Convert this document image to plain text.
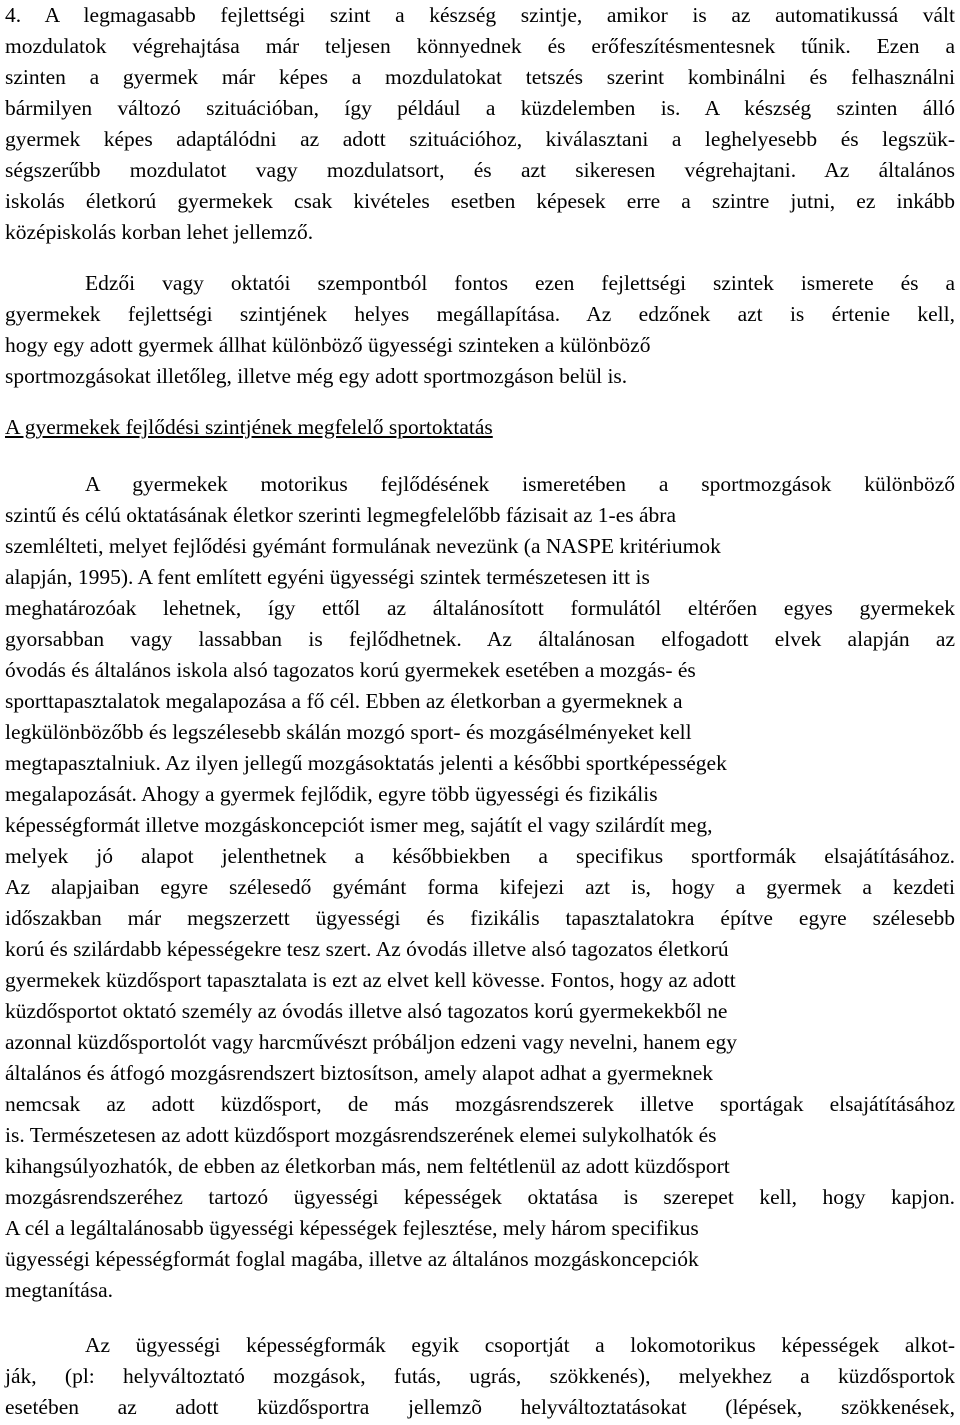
4. A legmagasabb fejlettségi szint a készség szintje, amikor is az automatikussá vált
mozdulatok végrehajtása már teljesen könnyednek és erőfeszítésmentesnek tűnik. Ezen a
szinten a gyermek már képes a mozdulatokat tetszés szerint kombinálni és felhasználni
bármilyen változó szituációban, így például a küzdelemben is. A készség szinten álló
gyermek képes adaptálódni az adott szituációhoz, kiválasztani a leghelyesebb és legszük-
ségszerűbb mozdulatot vagy mozdulatsort, és azt sikeresen végrehajtani. Az általános
iskolás életkorú gyermekek csak kivételes esetben képesek erre a szintre jutni, ez inkább
középiskolás korban lehet jellemző.
Edzői vagy oktatói szempontból fontos ezen fejlettségi szintek ismerete és a
gyermekek fejlettségi szintjének helyes megállapítása. Az edzőnek azt is értenie kell,
hogy egy adott gyermek állhat különböző ügyességi szinteken a különböző
sportmozgásokat illetőleg, illetve még egy adott sportmozgáson belül is.
A gyermekek fejlődési szintjének megfelelő sportoktatás
A gyermekek motorikus fejlődésének ismeretében a sportmozgások különböző
szintű és célú oktatásának életkor szerinti legmegfelelőbb fázisait az 1-es ábra
szemlélteti, melyet fejlődési gyémánt formulának nevezünk (a NASPE kritériumok
alapján, 1995). A fent említett egyéni ügyességi szintek természetesen itt is
meghatározóak lehetnek, így ettől az általánosított formulától eltérően egyes gyermekek
gyorsabban vagy lassabban is fejlődhetnek. Az általánosan elfogadott elvek alapján az
óvodás és általános iskola alsó tagozatos korú gyermekek esetében a mozgás- és
sporttapasztalatok megalapozása a fő cél. Ebben az életkorban a gyermeknek a
legkülönbözőbb és legszélesebb skálán mozgó sport- és mozgásélményeket kell
megtapasztalniuk. Az ilyen jellegű mozgásoktatás jelenti a későbbi sportképességek
megalapozását. Ahogy a gyermek fejlődik, egyre több ügyességi és fizikális
képességformát illetve mozgáskoncepciót ismer meg, sajátít el vagy szilárdít meg,
melyek jó alapot jelenthetnek a későbbiekben a specifikus sportformák elsajátításához.
Az alapjaiban egyre szélesedő gyémánt forma kifejezi azt is, hogy a gyermek a kezdeti
időszakban már megszerzett ügyességi és fizikális tapasztalatokra építve egyre szélesebb
korú és szilárdabb képességekre tesz szert. Az óvodás illetve alsó tagozatos életkorú
gyermekek küzdősport tapasztalata is ezt az elvet kell kövesse. Fontos, hogy az adott
küzdősportot oktató személy az óvodás illetve alsó tagozatos korú gyermekekből ne
azonnal küzdősportolót vagy harcművészt próbáljon edzeni vagy nevelni, hanem egy
általános és átfogó mozgásrendszert biztosítson, amely alapot adhat a gyermeknek
nemcsak az adott küzdősport, de más mozgásrendszerek illetve sportágak elsajátításához
is. Természetesen az adott küzdősport mozgásrendszerének elemei sulykolhatók és
kihangsúlyozhatók, de ebben az életkorban más, nem feltétlenül az adott küzdősport
mozgásrendszeréhez tartozó ügyességi képességek oktatása is szerepet kell, hogy kapjon.
A cél a legáltalánosabb ügyességi képességek fejlesztése, mely három specifikus
ügyességi képességformát foglal magába, illetve az általános mozgáskoncepciók
megtanítása.
Az ügyességi képességformák egyik csoportját a lokomotorikus képességek alkot-
ják, (pl: helyváltoztató mozgások, futás, ugrás, szökkenés), melyekhez a küzdősportok
esetében az adott küzdősportra jellemzõ helyváltoztatásokat (lépések, szökkenések,
